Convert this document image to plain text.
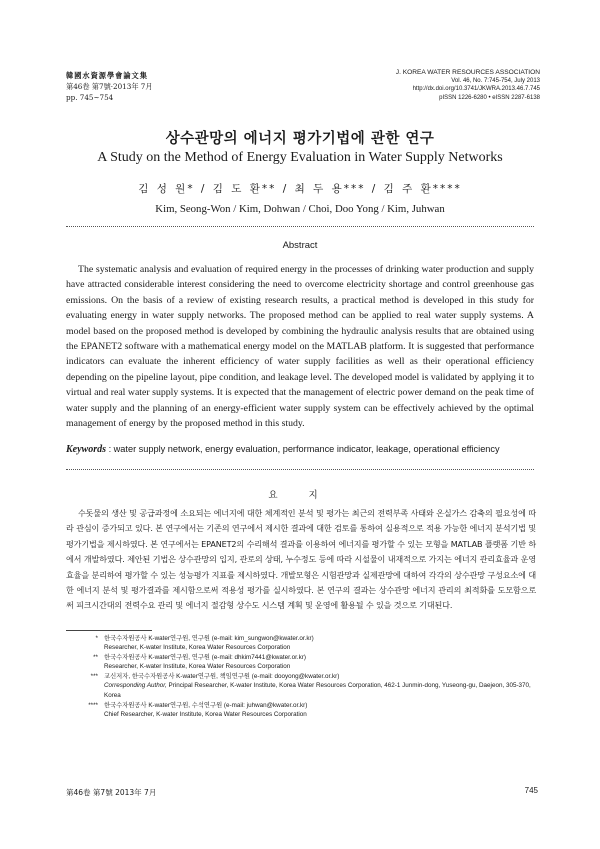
韓國水資源學會論文集
第46卷 第7號·2013年 7月
pp. 745~754
J. KOREA WATER RESOURCES ASSOCIATION
Vol. 46, No. 7:745-754, July 2013
http://dx.doi.org/10.3741/JKWRA.2013.46.7.745
pISSN 1226-6280 • eISSN 2287-6138
상수관망의 에너지 평가기법에 관한 연구
A Study on the Method of Energy Evaluation in Water Supply Networks
김 성 원* / 김 도 환** / 최 두 용*** / 김 주 환****
Kim, Seong-Won / Kim, Dohwan / Choi, Doo Yong / Kim, Juhwan
Abstract

The systematic analysis and evaluation of required energy in the processes of drinking water production and supply have attracted considerable interest considering the need to overcome electricity shortage and control greenhouse gas emissions. On the basis of a review of existing research results, a practical method is developed in this study for evaluating energy in water supply networks. The proposed method can be applied to real water supply systems. A model based on the proposed method is developed by combining the hydraulic analysis results that are obtained using the EPANET2 software with a mathematical energy model on the MATLAB platform. It is suggested that performance indicators can evaluate the inherent efficiency of water supply facilities as well as their operational efficiency depending on the pipeline layout, pipe condition, and leakage level. The developed model is validated by applying it to virtual and real water supply systems. It is expected that the management of electric power demand on the peak time of water supply and the planning of an energy-efficient water supply system can be effectively achieved by the optimal management of energy by the proposed method in this study.

Keywords : water supply network, energy evaluation, performance indicator, leakage, operational efficiency
요 지

수돗물의 생산 및 공급과정에 소요되는 에너지에 대한 체계적인 분석 및 평가는 최근의 전력부족 사태와 온실가스 감축의 필요성에 따라 관심이 증가되고 있다. 본 연구에서는 기존의 연구에서 제시한 결과에 대한 검토를 통하여 실용적으로 적용 가능한 에너지 분석기법 및 평가기법을 제시하였다. 본 연구에서는 EPANET2의 수리해석 결과를 이용하여 에너지를 평가할 수 있는 모형을 MATLAB 플랫폼 기반 하에서 개발하였다. 제안된 기법은 상수관망의 입지, 관로의 상태, 누수정도 등에 따라 시설물이 내재적으로 가지는 에너지 관리효율과 운영효율을 분리하여 평가할 수 있는 성능평가 지표를 제시하였다. 개발모형은 시험관망과 실제관망에 대하여 각각의 상수관망 구성요소에 대한 에너지 분석 및 평가결과를 제시함으로써 적용성 평가를 실시하였다. 본 연구의 결과는 상수관망 에너지 관리의 최적화를 도모함으로써 피크시간대의 전력수요 관리 및 에너지 절감형 상수도 시스템 계획 및 운영에 활용될 수 있을 것으로 기대된다.

* 한국수자원공사 K-water연구원, 연구원 (e-mail: kim_sungwon@kwater.or.kr)
Researcher, K-water Institute, Korea Water Resources Corporation
** 한국수자원공사 K-water연구원, 연구원 (e-mail: dhkim7441@kwater.or.kr)
Researcher, K-water Institute, Korea Water Resources Corporation
*** 교신저자, 한국수자원공사 K-water연구원, 책임연구원 (e-mail: dooyong@kwater.or.kr)
Corresponding Author, Principal Researcher, K-water Institute, Korea Water Resources Corporation, 462-1 Junmin-dong, Yuseong-gu, Daejeon, 305-370, Korea
**** 한국수자원공사 K-water연구원, 수석연구원 (e-mail: juhwan@kwater.or.kr)
Chief Researcher, K-water Institute, Korea Water Resources Corporation
第46卷 第7號 2013年 7月	745
